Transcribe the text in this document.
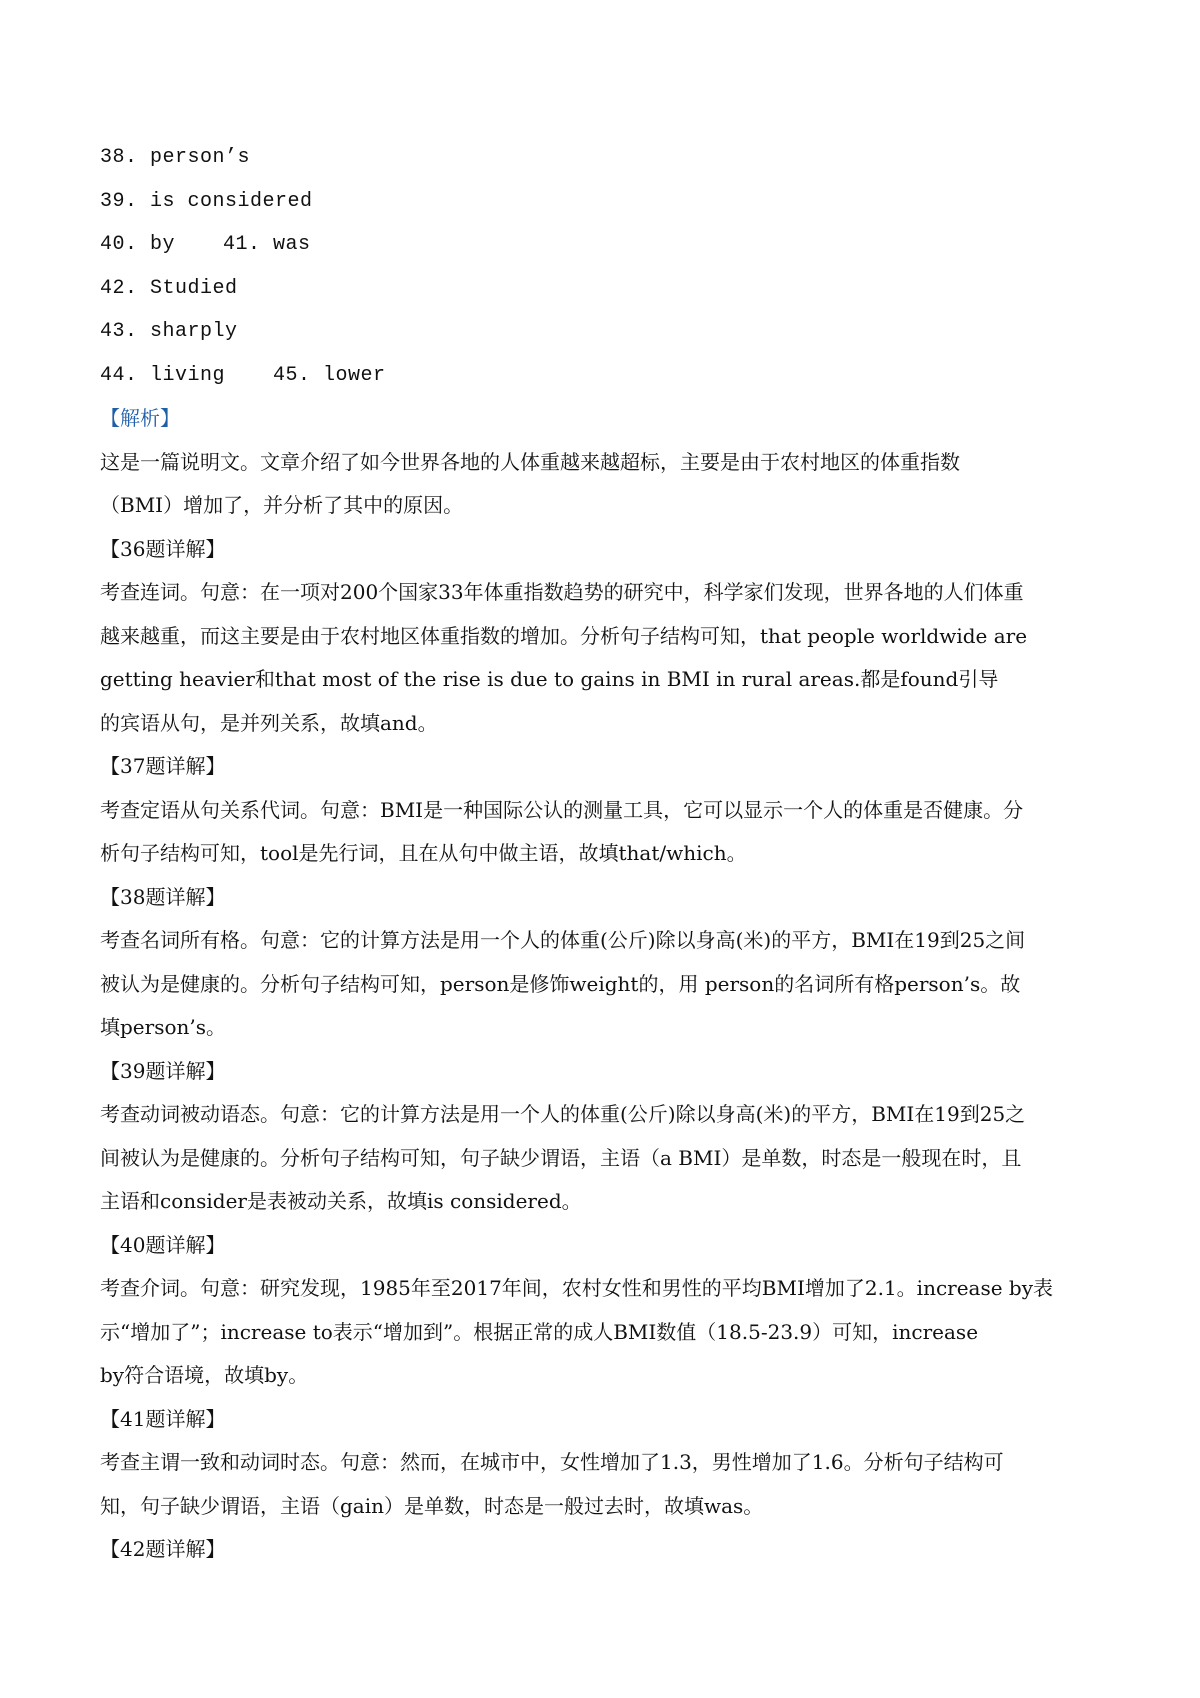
38. person’s
39. is considered
40. by 41. was
42. Studied
43. sharply
44. living 45. lower
【解析】
这是一篇说明文。文章介绍了如今世界各地的人体重越来越超标，主要是由于农村地区的体重指数
（BMI）增加了，并分析了其中的原因。
【36题详解】
考查连词。句意：在一项对200个国家33年体重指数趋势的研究中，科学家们发现，世界各地的人们体重
越来越重，而这主要是由于农村地区体重指数的增加。分析句子结构可知，that people worldwide are
getting heavier和that most of the rise is due to gains in BMI in rural areas.都是found引导
的宾语从句，是并列关系，故填and。
【37题详解】
考查定语从句关系代词。句意：BMI是一种国际公认的测量工具，它可以显示一个人的体重是否健康。分
析句子结构可知，tool是先行词，且在从句中做主语，故填that/which。
【38题详解】
考查名词所有格。句意：它的计算方法是用一个人的体重(公斤)除以身高(米)的平方，BMI在19到25之间
被认为是健康的。分析句子结构可知，person是修饰weight的，用 person的名词所有格person’s。故
填person’s。
【39题详解】
考查动词被动语态。句意：它的计算方法是用一个人的体重(公斤)除以身高(米)的平方，BMI在19到25之
间被认为是健康的。分析句子结构可知，句子缺少谓语，主语（a BMI）是单数，时态是一般现在时，且
主语和consider是表被动关系，故填is considered。
【40题详解】
考查介词。句意：研究发现，1985年至2017年间，农村女性和男性的平均BMI增加了2.1。increase by表
示“增加了”；increase to表示“增加到”。根据正常的成人BMI数值（18.5-23.9）可知，increase
by符合语境，故填by。
【41题详解】
考查主谓一致和动词时态。句意：然而，在城市中，女性增加了1.3，男性增加了1.6。分析句子结构可
知，句子缺少谓语，主语（gain）是单数，时态是一般过去时，故填was。
【42题详解】
